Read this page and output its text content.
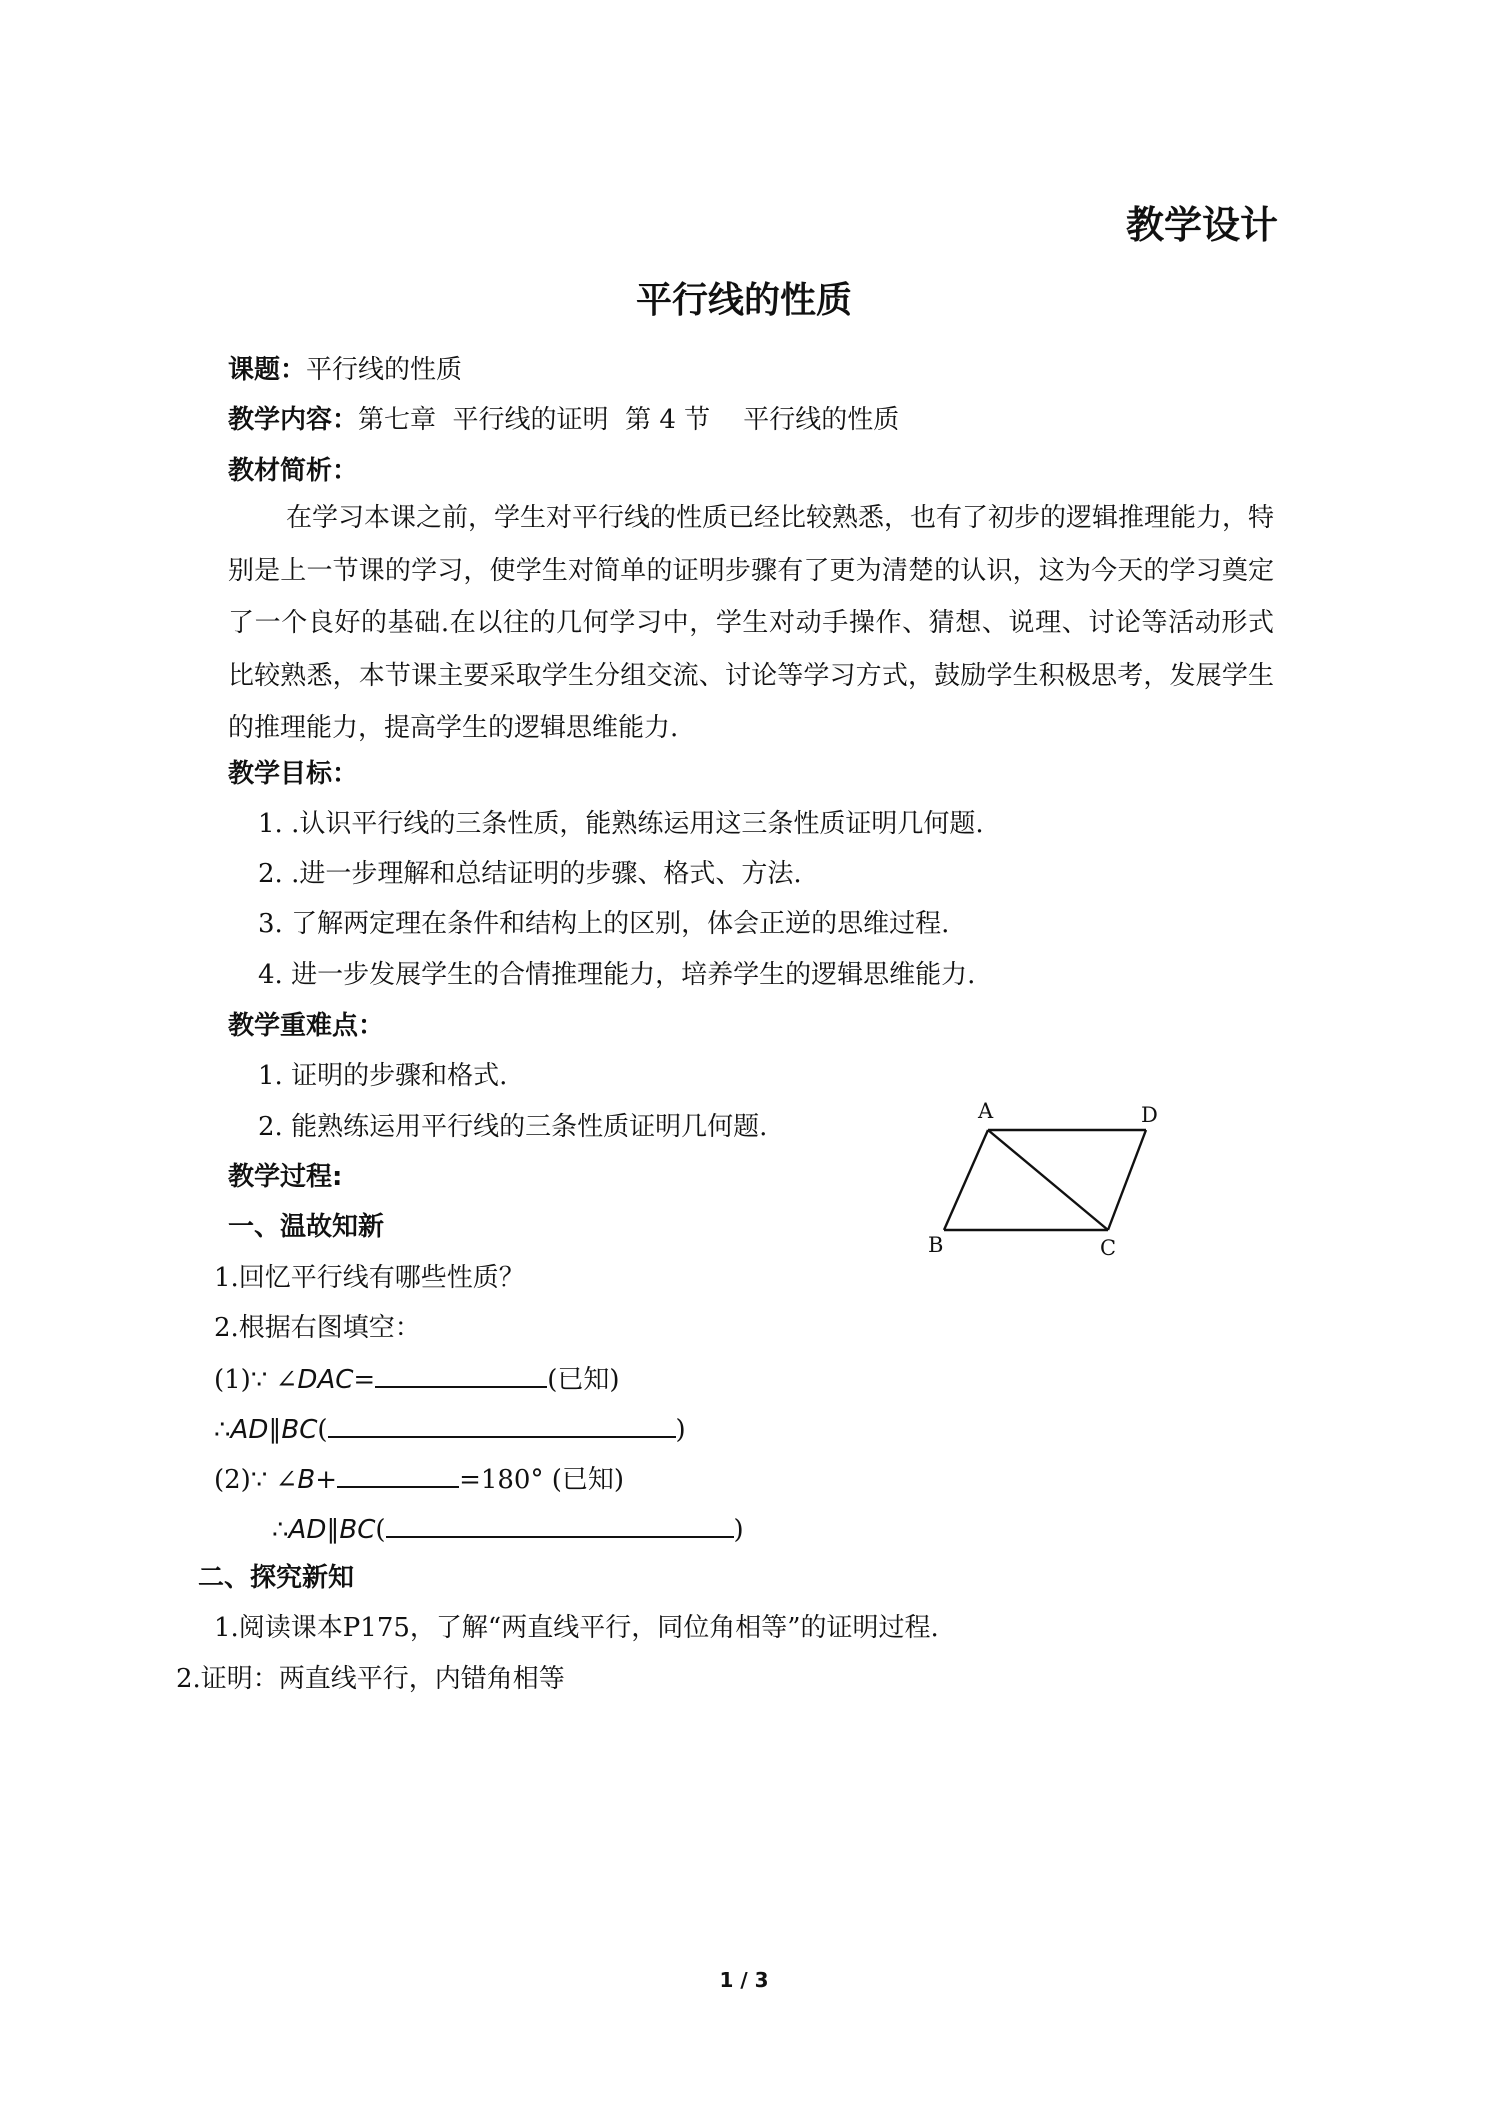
教学设计
平行线的性质
课题：平行线的性质
教学内容：第七章  平行线的证明  第 4 节    平行线的性质
教材简析：
在学习本课之前，学生对平行线的性质已经比较熟悉，也有了初步的逻辑推理能力，特别是上一节课的学习，使学生对简单的证明步骤有了更为清楚的认识，这为今天的学习奠定了一个良好的基础.在以往的几何学习中，学生对动手操作、猜想、说理、讨论等活动形式比较熟悉，本节课主要采取学生分组交流、讨论等学习方式，鼓励学生积极思考，发展学生的推理能力，提高学生的逻辑思维能力.
教学目标：
1. .认识平行线的三条性质，能熟练运用这三条性质证明几何题.
2. .进一步理解和总结证明的步骤、格式、方法.
3. 了解两定理在条件和结构上的区别，体会正逆的思维过程.
4. 进一步发展学生的合情推理能力，培养学生的逻辑思维能力.
教学重难点：
1. 证明的步骤和格式.
2. 能熟练运用平行线的三条性质证明几何题.
教学过程:
一、温故知新
1.回忆平行线有哪些性质？
2.根据右图填空：
(1)∵ ∠DAC=	(已知)
∴AD∥BC(	)
(2)∵ ∠B+	=180° (已知)
∴AD∥BC(	)
二、探究新知
1.阅读课本P175，了解“两直线平行，同位角相等”的证明过程.
2.证明：两直线平行，内错角相等
A	D
B	C
1 / 3
